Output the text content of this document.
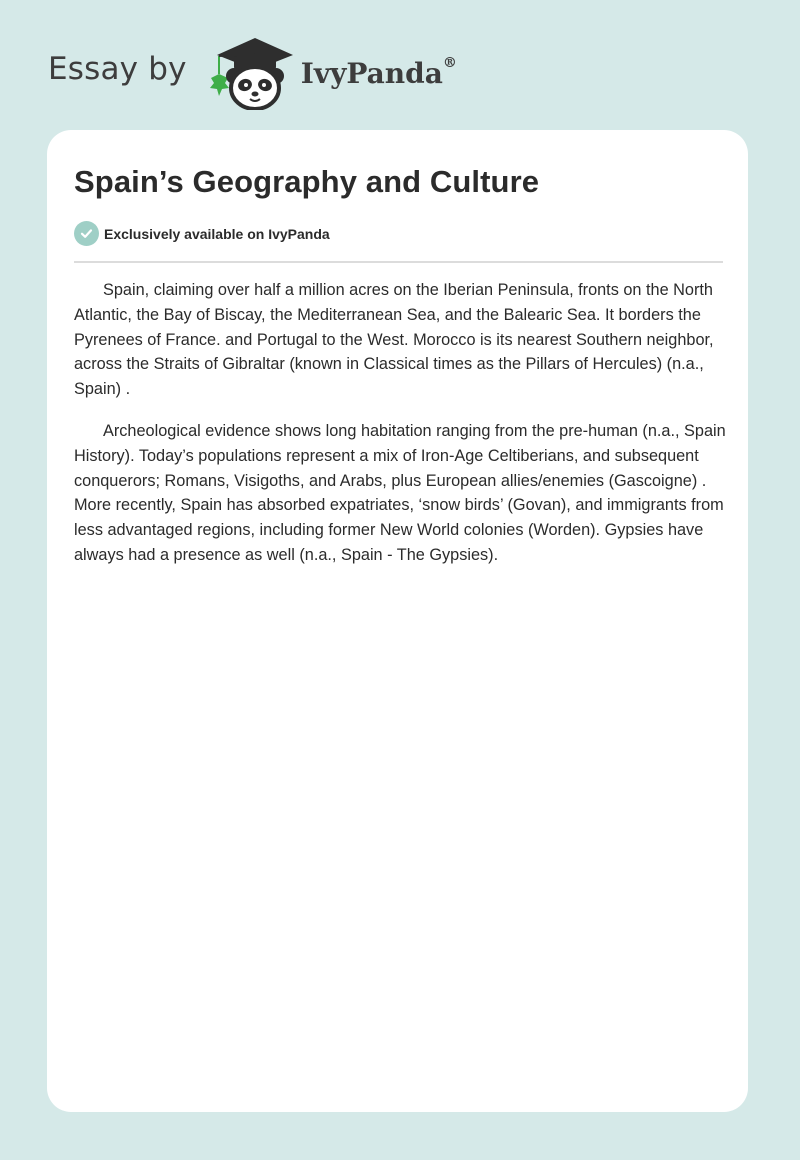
Essay by	IvyPanda®
Spain’s Geography and Culture
Exclusively available on IvyPanda

Spain, claiming over half a million acres on the Iberian Peninsula, fronts on the North Atlantic, the Bay of Biscay, the Mediterranean Sea, and the Balearic Sea. It borders the Pyrenees of France. and Portugal to the West. Morocco is its nearest Southern neighbor, across the Straits of Gibraltar (known in Classical times as the Pillars of Hercules) (n.a., Spain) .

Archeological evidence shows long habitation ranging from the pre-human (n.a., Spain History). Today’s populations represent a mix of Iron-Age Celtiberians, and subsequent conquerors; Romans, Visigoths, and Arabs, plus European allies/enemies (Gascoigne) . More recently, Spain has absorbed expatriates, ‘snow birds’ (Govan), and immigrants from less advantaged regions, including former New World colonies (Worden). Gypsies have always had a presence as well (n.a., Spain - The Gypsies).
